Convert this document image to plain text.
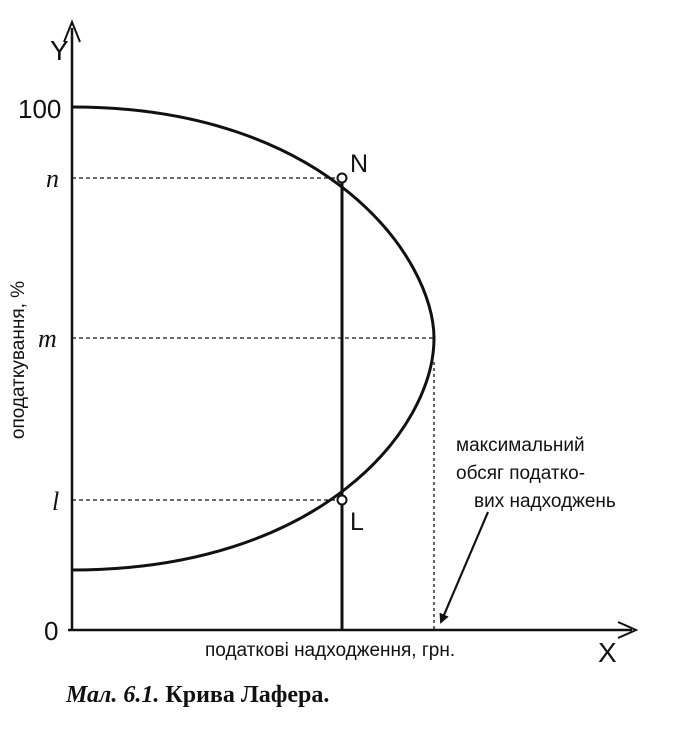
Y
X
100
n
m
l
0
оподаткування, %
податкові надходження, грн.
N
L
максимальний
обсяг податко-
вих надходжень
Мал. 6.1. Крива Лафера.
